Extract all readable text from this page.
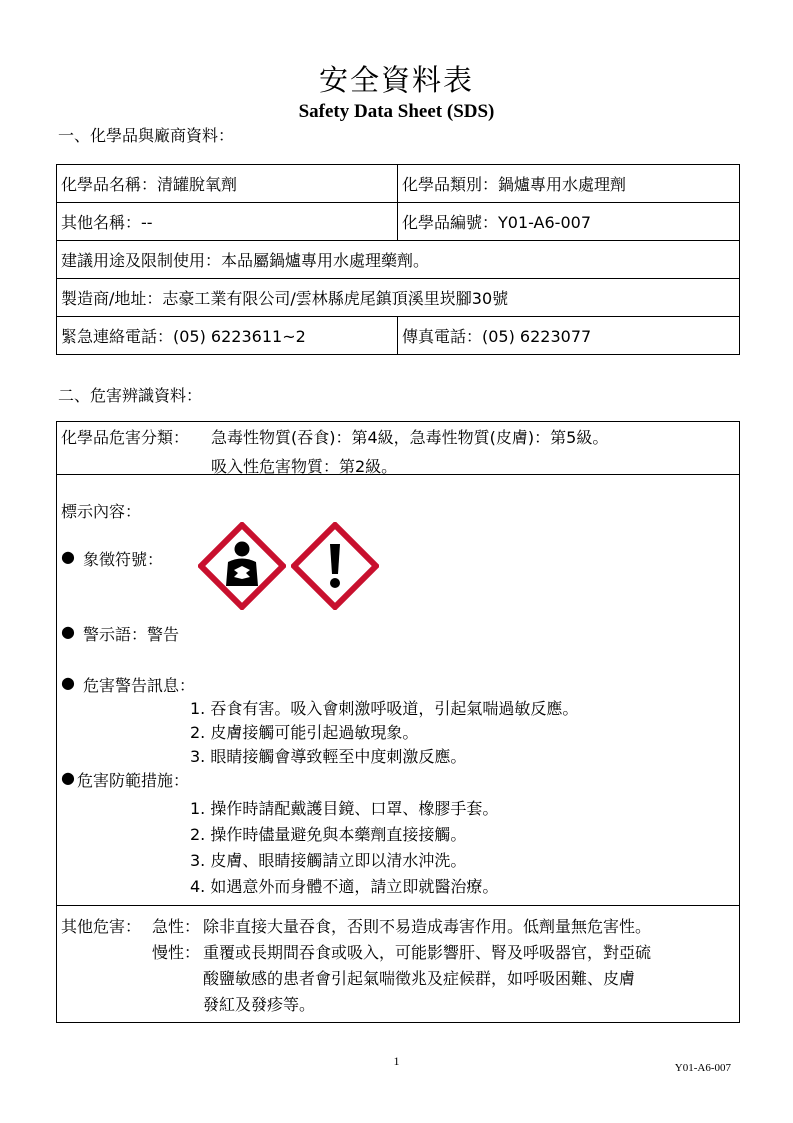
安全資料表
Safety Data Sheet (SDS)
一、化學品與廠商資料：
化學品名稱：清罐脫氧劑	化學品類別：鍋爐專用水處理劑
其他名稱：--	化學品編號：Y01-A6-007
建議用途及限制使用：本品屬鍋爐專用水處理藥劑。	
製造商/地址：志豪工業有限公司/雲林縣虎尾鎮頂溪里崁腳30號	
緊急連絡電話：(05) 6223611~2	傳真電話：(05) 6223077
二、危害辨識資料：
化學品危害分類： 急毒性物質(吞食)：第4級，急毒性物質(皮膚)：第5級。
吸入性危害物質：第2級。
標示內容：
● 象徵符號：
● 警示語：警告
● 危害警告訊息：
1. 吞食有害。吸入會刺激呼吸道，引起氣喘過敏反應。
2. 皮膚接觸可能引起過敏現象。
3. 眼睛接觸會導致輕至中度刺激反應。
● 危害防範措施：
1. 操作時請配戴護目鏡、口罩、橡膠手套。
2. 操作時儘量避免與本藥劑直接接觸。
3. 皮膚、眼睛接觸請立即以清水沖洗。
4. 如遇意外而身體不適，請立即就醫治療。
其他危害： 急性： 除非直接大量吞食，否則不易造成毒害作用。低劑量無危害性。
慢性： 重覆或長期間吞食或吸入，可能影響肝、腎及呼吸器官，對亞硫
酸鹽敏感的患者會引起氣喘徵兆及症候群，如呼吸困難、皮膚
發紅及發疹等。
1	Y01-A6-007
